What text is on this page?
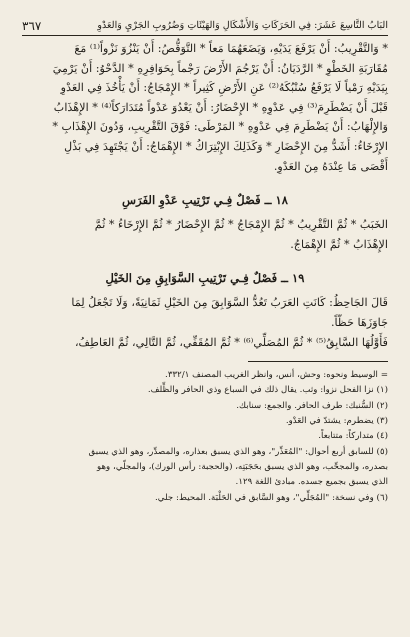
البَابُ التَّاسِعَ عَشَرَ: فِي الحَرَكَاتِ وَالأَشْكَالِ وَالهَيْئَاتِ وَضُرُوبِ الجَرْيِ وَالعَدْوِ
٣٦٧

* وَالتَّقْرِيبُ: أَنْ يَرْفَعَ يَدَيْهِ، وَيَضَعَهُمَا مَعاً * التَّوَقُّصُ: أَنْ يَنْزُوَ نَزْواً⁽¹⁾ مَعَ

مُقَارَبَةِ الخَطْوِ * الرَّدَيَانُ: أَنْ يَرْجُمَ الأَرْضَ رَجْماً بِحَوَافِرِهِ * الدَّحْوُ: أَنْ يَرْمِيَ

بِيَدَيْهِ رَمْياً لَا يَرْفَعُ سُنْبُكَهُ⁽²⁾ عَنِ الأَرْضِ كَثِيراً * الإِمْجَاجُ: أَنْ يَأْخُذَ فِي العَدْوِ

قَبْلَ أَنْ يَضْطَرِمَ⁽³⁾ فِي عَدْوِهِ * الإِحْضَارُ: أَنْ يَعْدُوَ عَدْواً مُتَدَارَكاً⁽⁴⁾ * الإِهْذَابُ

وَالإِلْهَابُ: أَنْ يَضْطَرِمَ فِي عَدْوِهِ * المَرْطَى: فَوْقَ التَّقْرِيبِ، وَدُونَ الإِهْذَابِ *

الإِرْخَاءُ: أَشَدُّ مِنَ الإِحْضَارِ * وَكَذَلِكَ الإِبْتِرَاكُ * الإِهْمَاجُ: أَنْ يَجْتَهِدَ فِي بَذْلِ

أَقْصَى مَا عِنْدَهُ مِنَ العَدْوِ.

١٨ ــ فَصْلٌ فِـي تَرْتِيبِ عَدْوِ الفَرَسِ

الخَبَبُ * ثُمَّ التَّقْرِيبُ * ثُمَّ الإِمْجَاجُ * ثُمَّ الإِحْضَارُ * ثُمَّ الإِرْخَاءُ * ثُمَّ

الإِهْذَابُ * ثُمَّ الإِهْمَاجُ.

١٩ ــ فَصْلٌ فِـي تَرْتِيبِ السَّوَابِقِ مِنَ الخَيْلِ

قَالَ الجَاحِظُ: كَانَتِ العَرَبُ تَعُدُّ السَّوَابِقَ مِنَ الخَيْلِ ثَمَانِيَةً، وَلَا تَجْعَلُ لِمَا

جَاوَزَهَا حَظّاً.

فَأَوَّلُهَا السَّابِقُ⁽⁵⁾ * ثُمَّ المُصَلِّي⁽⁶⁾ * ثُمَّ المُقَفِّي، ثُمَّ التَّالِي، ثُمَّ العَاطِفُ،

= الوسيط ونحوه: وحش، أنس، وانظر الغريب المصنف ٣٣٢/١.

(١) نزا الفحل نزوا: وثب. يقال ذلك في السباع وذي الحافر والظِّلف.

(٢) السُّنبك: طرف الحافر. والجمع: سنابك.

(٣) يضطرم: يشتدّ في العَدْو.

(٤) متداركاً: متتابعاً.

(٥) للسابق أربع أحوال: "المُعَذِّر"، وهو الذي يسبق بعذاره، والمصدِّر، وهو الذي يسبق

بصدره، والمجحِّب، وهو الذي يسبق بحَجَبَتِه، (والحجبة: رأس الورك)، والمجلّي، وهو

الذي يسبق بجميع جسده. مبادئ اللغة ١٢٩.

(٦) وفي نسخة: "المُجَلِّي"، وهو السَّابق في الحَلْبَة. المحيط: جلي.
